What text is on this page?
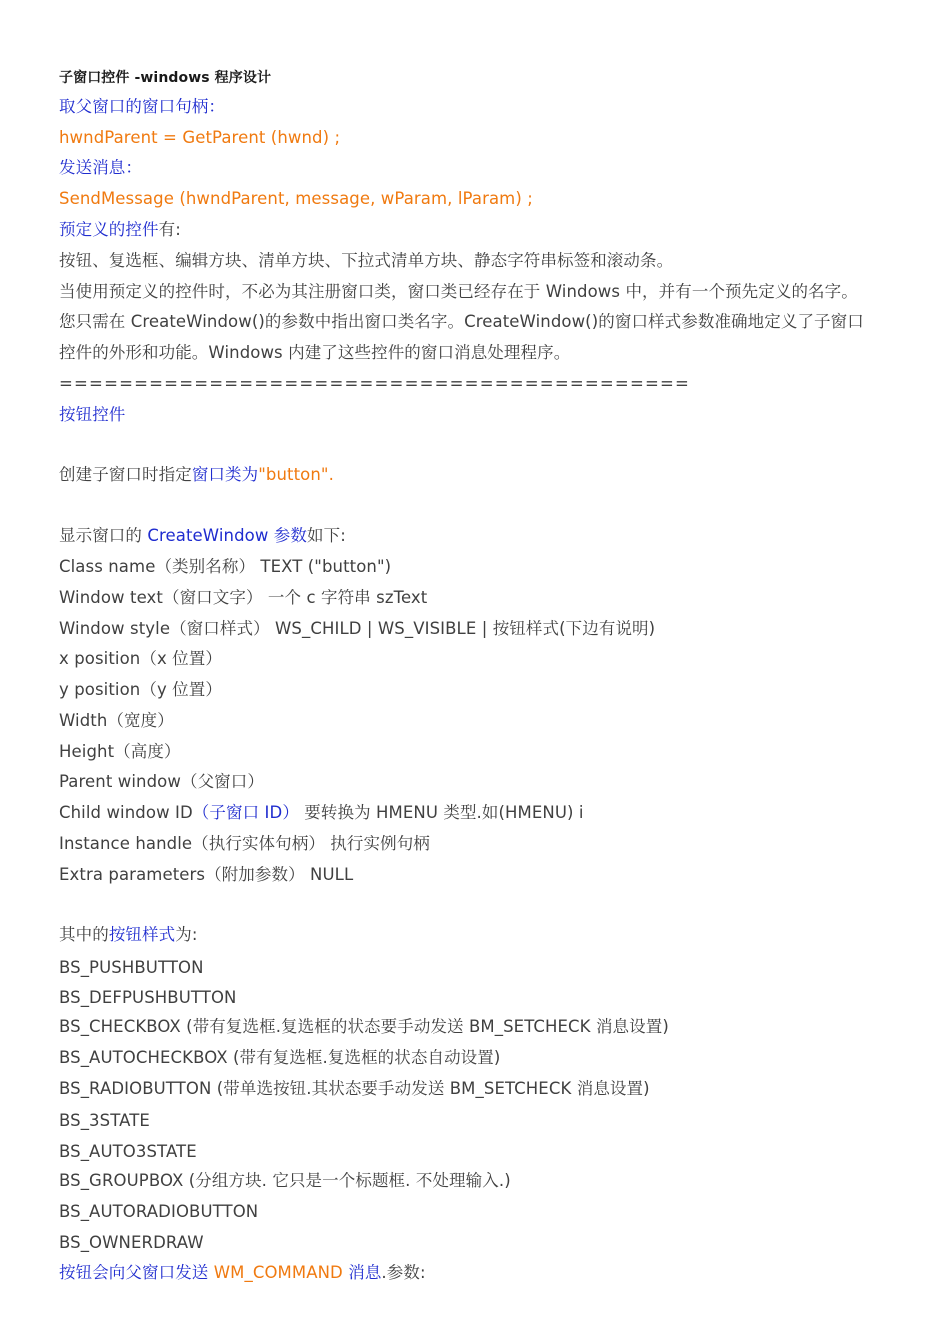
子窗口控件 -windows 程序设计
取父窗口的窗口句柄：
hwndParent = GetParent (hwnd) ;
发送消息：
SendMessage (hwndParent, message, wParam, lParam) ;
预定义的控件有:
按钮、复选框、编辑方块、清单方块、下拉式清单方块、静态字符串标签和滚动条。
当使用预定义的控件时，不必为其注册窗口类，窗口类已经存在于 Windows 中，并有一个预先定义的名字。
您只需在 CreateWindow()的参数中指出窗口类名字。CreateWindow()的窗口样式参数准确地定义了子窗口
控件的外形和功能。Windows 内建了这些控件的窗口消息处理程序。
==========================================
按钮控件
创建子窗口时指定窗口类为"button".
显示窗口的 CreateWindow 参数如下:
Class name（类别名称） TEXT ("button")
Window text（窗口文字） 一个 c 字符串 szText
Window style（窗口样式） WS_CHILD | WS_VISIBLE | 按钮样式(下边有说明)
x position（x 位置）
y position（y 位置）
Width（宽度）
Height（高度）
Parent window（父窗口）
Child window ID（子窗口 ID） 要转换为 HMENU 类型.如(HMENU) i
Instance handle（执行实体句柄） 执行实例句柄
Extra parameters（附加参数） NULL
其中的按钮样式为:
BS_PUSHBUTTON
BS_DEFPUSHBUTTON
BS_CHECKBOX (带有复选框.复选框的状态要手动发送 BM_SETCHECK 消息设置)
BS_AUTOCHECKBOX (带有复选框.复选框的状态自动设置)
BS_RADIOBUTTON (带单选按钮.其状态要手动发送 BM_SETCHECK 消息设置)
BS_3STATE
BS_AUTO3STATE
BS_GROUPBOX (分组方块. 它只是一个标题框. 不处理输入.)
BS_AUTORADIOBUTTON
BS_OWNERDRAW
按钮会向父窗口发送 WM_COMMAND 消息.参数:
